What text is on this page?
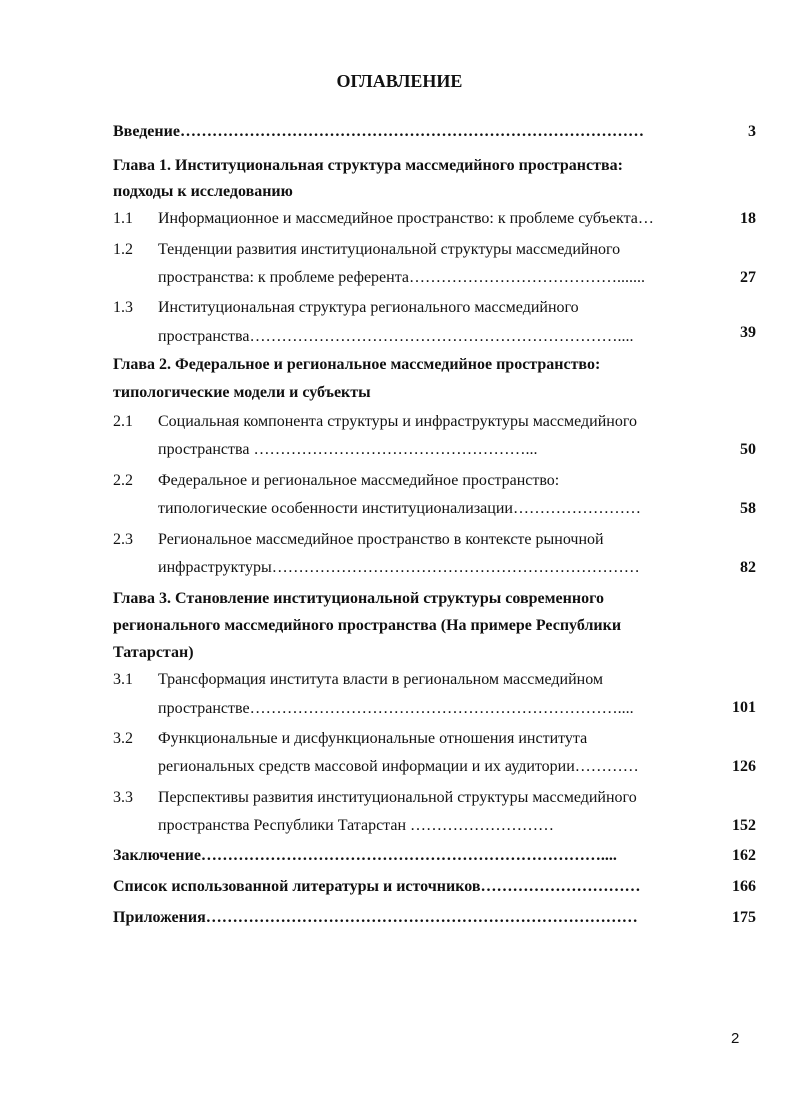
ОГЛАВЛЕНИЕ
Введение……………………………………………………………………………	3
Глава 1. Институциональная структура массмедийного пространства:
подходы к исследованию
1.1 Информационное и массмедийное пространство: к проблеме субъекта…	18
1.2 Тенденции развития институциональной структуры массмедийного
пространства: к проблеме референта………………………………….......	27
1.3 Институциональная структура регионального массмедийного
пространства……………………………………………………………....	39
Глава 2. Федеральное и региональное массмедийное пространство:
типологические модели и субъекты
2.1 Социальная компонента структуры и инфраструктуры массмедийного
пространства ……………………………………………...	50
2.2 Федеральное и региональное массмедийное пространство:
типологические особенности институционализации……………………	58
2.3 Региональное массмедийное пространство в контексте рыночной
инфраструктуры……………………………………………………………	82
Глава 3. Становление институциональной структуры современного
регионального массмедийного пространства (На примере Республики
Татарстан)
3.1 Трансформация института власти в региональном массмедийном
пространстве……………………………………………………………....	101
3.2 Функциональные и дисфункциональные отношения института
региональных средств массовой информации и их аудитории…………	126
3.3 Перспективы развития институциональной структуры массмедийного
пространства Республики Татарстан ………………………	152
Заключение…………………………………………………………………....	162
Список использованной литературы и источников…………………………	166
Приложения………………………………………………………………………	175
2
